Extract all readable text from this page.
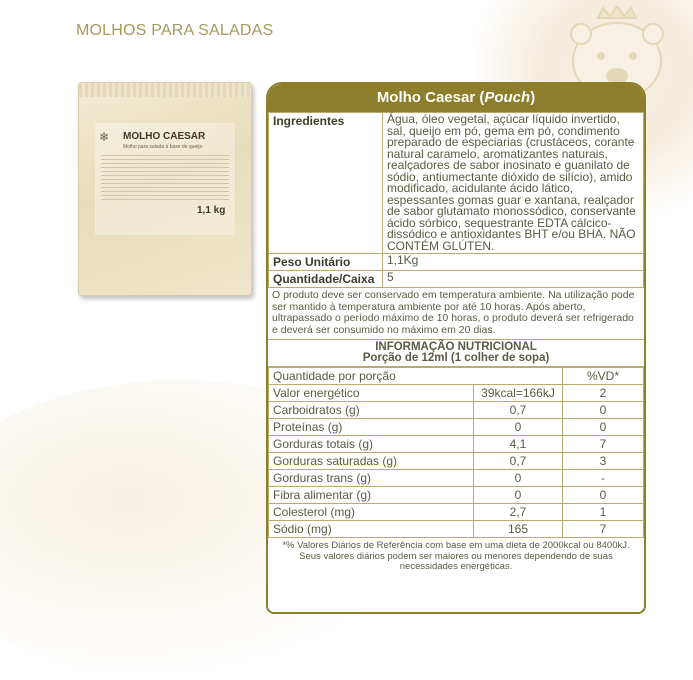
MOLHOS PARA SALADAS
❄ MOLHO CAESAR
Molho para salada à base de queijo
1,1 kg
Molho Caesar (Pouch)
Ingredientes	Água, óleo vegetal, açúcar líquido invertido, sal, queijo em pó, gema em pó, condimento preparado de especiarias (crustáceos, corante natural caramelo, aromatizantes naturais, realçadores de sabor inosinato e guanilato de sódio, antiumectante dióxido de silício), amido modificado, acidulante ácido lático, espessantes gomas guar e xantana, realçador de sabor glutamato monossódico, conservante ácido sórbico, sequestrante EDTA cálcico-dissódico e antioxidantes BHT e/ou BHA. NÃO CONTÉM GLÚTEN.
Peso Unitário	1,1Kg
Quantidade/Caixa	5
O produto deve ser conservado em temperatura ambiente. Na utilização pode ser mantido à temperatura ambiente por até 10 horas. Após aberto, ultrapassado o período máximo de 10 horas, o produto deverá ser refrigerado e deverá ser consumido no máximo em 20 dias.
INFORMAÇÃO NUTRICIONAL
Porção de 12ml (1 colher de sopa)
Quantidade por porção		%VD*
Valor energético	39kcal=166kJ	2
Carboidratos (g)	0,7	0
Proteínas (g)	0	0
Gorduras totais (g)	4,1	7
Gorduras saturadas (g)	0,7	3
Gorduras trans (g)	0	-
Fibra alimentar (g)	0	0
Colesterol (mg)	2,7	1
Sódio (mg)	165	7
*% Valores Diários de Referência com base em uma dieta de 2000kcal ou 8400kJ. Seus valores diários podem ser maiores ou menores dependendo de suas necessidades energéticas.
